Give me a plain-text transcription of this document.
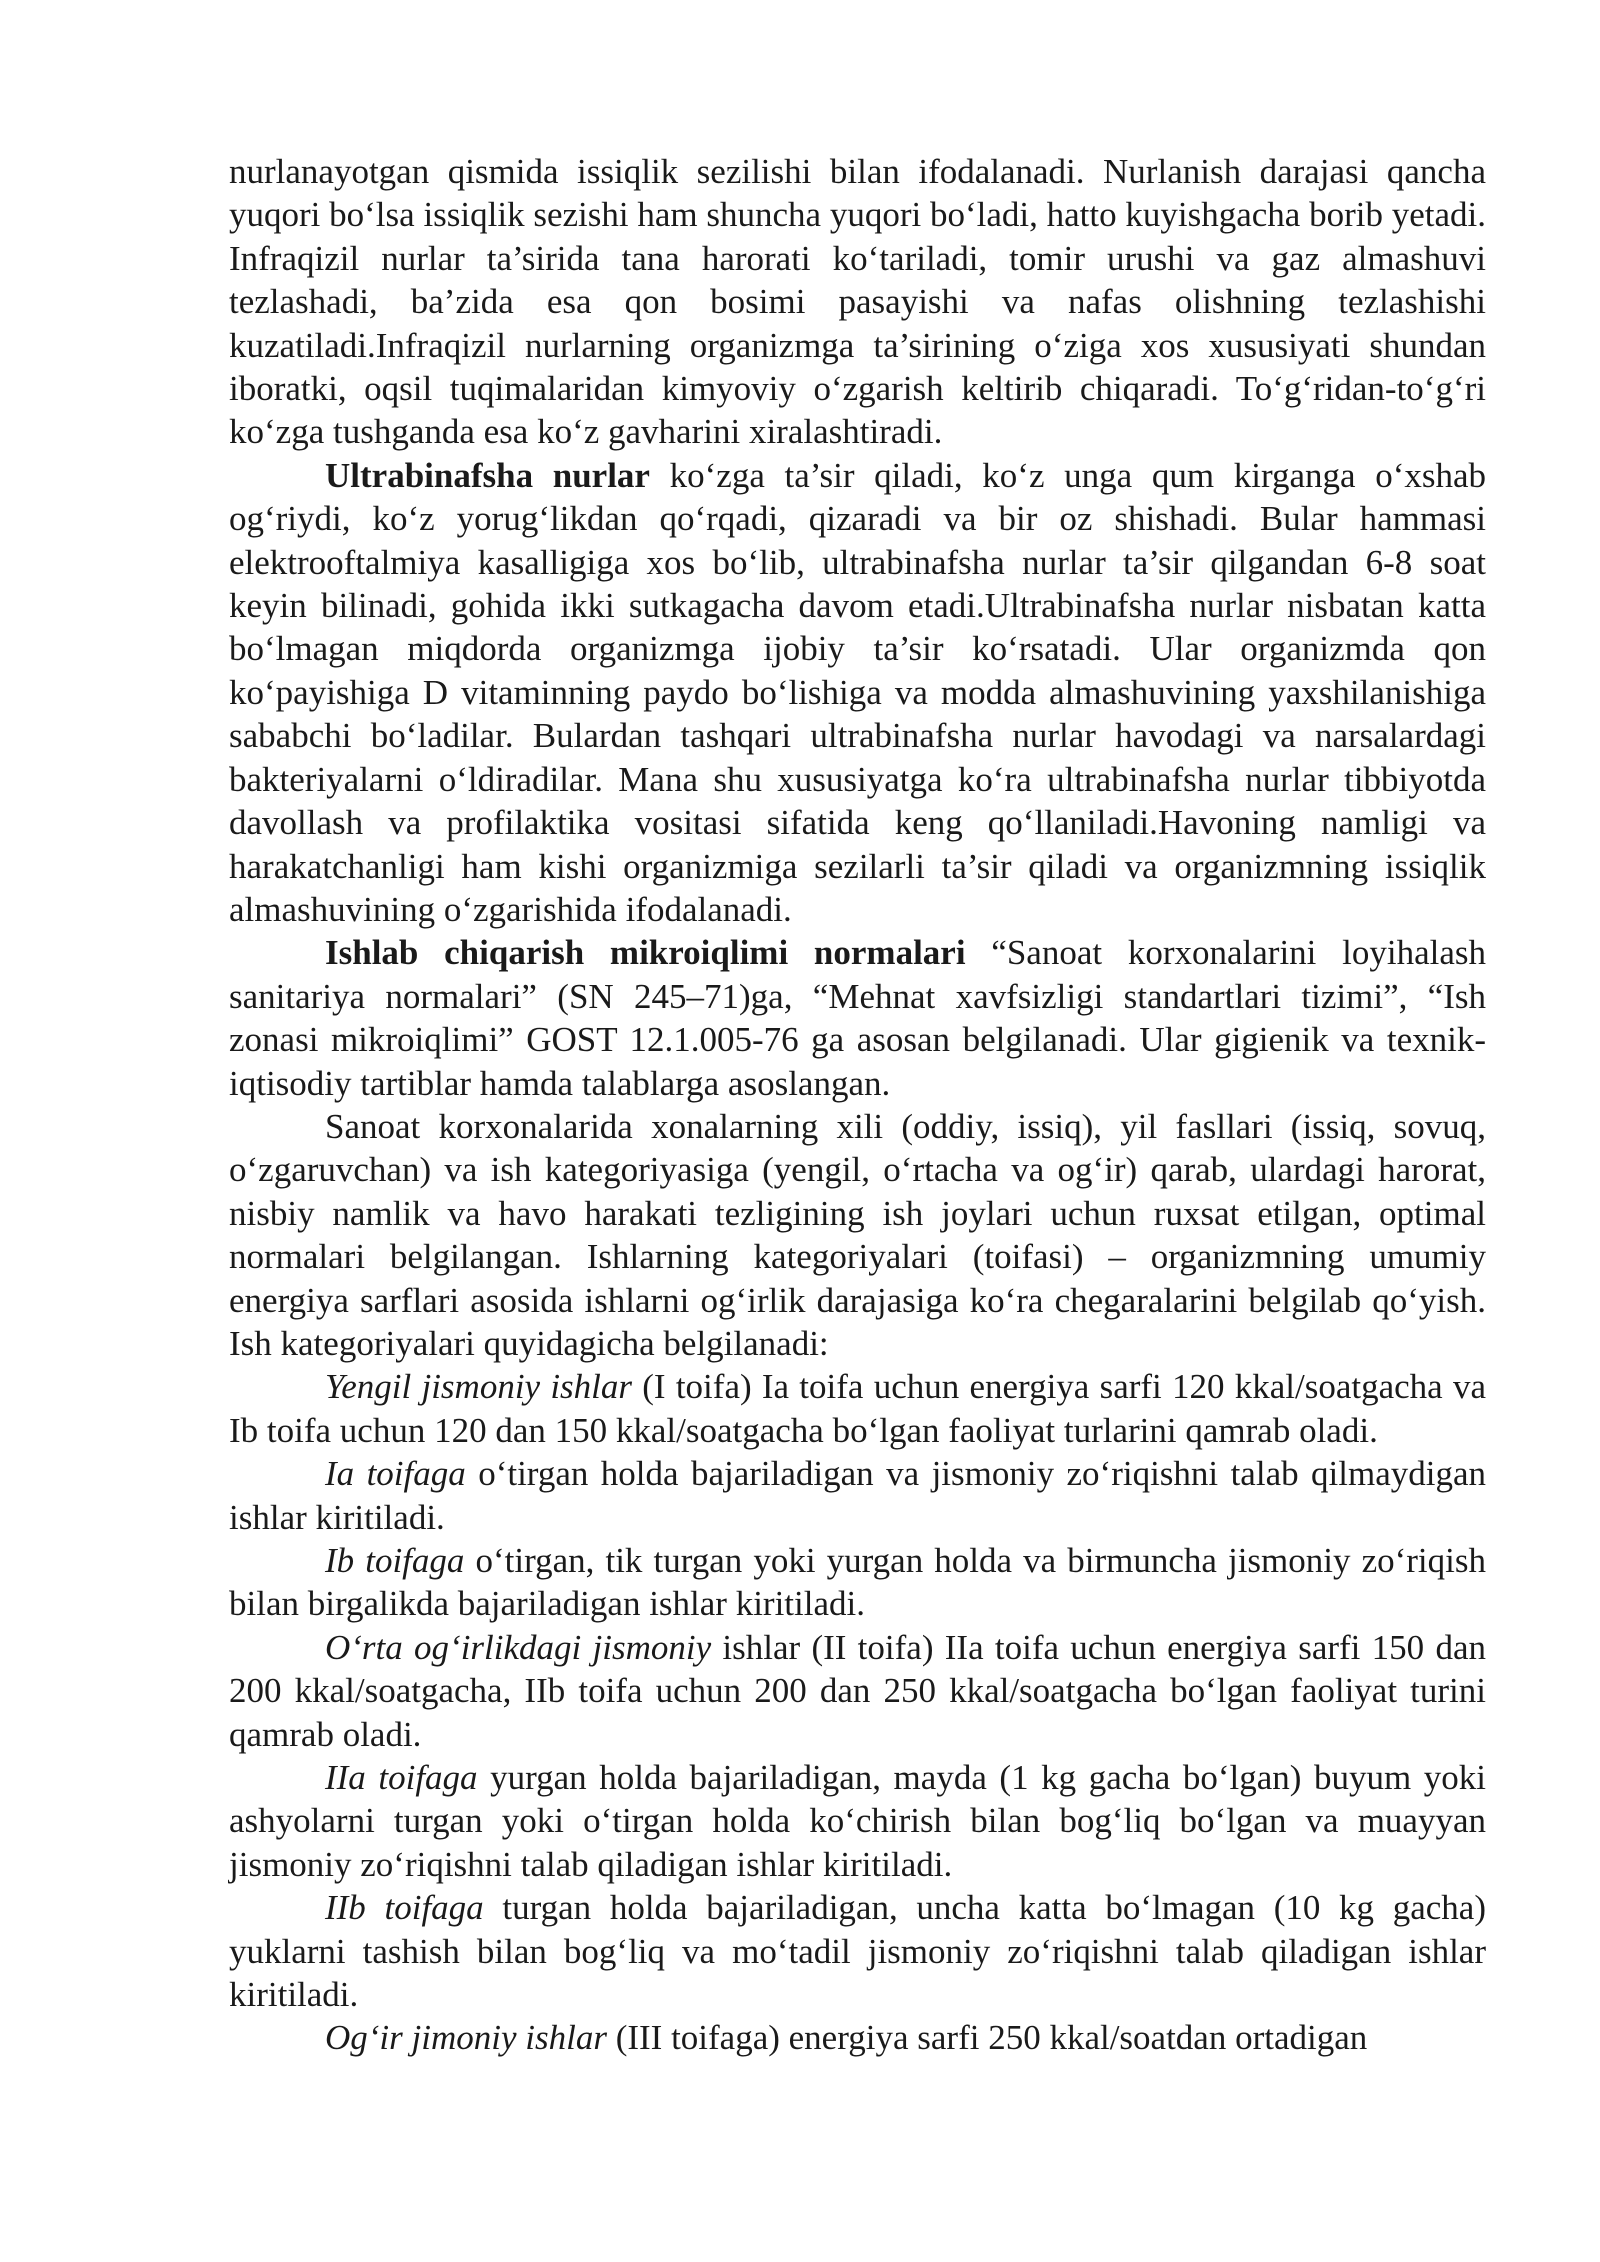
nurlanayotgan qismida issiqlik sezilishi bilan ifodalanadi. Nurlanish darajasi qancha yuqori bo‘lsa issiqlik sezishi ham shuncha yuqori bo‘ladi, hatto kuyishgacha borib yetadi. Infraqizil nurlar ta’sirida tana harorati ko‘tariladi, tomir urushi va gaz almashuvi tezlashadi, ba’zida esa qon bosimi pasayishi va nafas olishning tezlashishi kuzatiladi.Infraqizil nurlarning organizmga ta’sirining o‘ziga xos xususiyati shundan iboratki, oqsil tuqimalaridan kimyoviy o‘zgarish keltirib chiqaradi. To‘g‘ridan-to‘g‘ri ko‘zga tushganda esa ko‘z gavharini xiralashtiradi.

Ultrabinafsha nurlar ko‘zga ta’sir qiladi, ko‘z unga qum kirganga o‘xshab og‘riydi, ko‘z yorug‘likdan qo‘rqadi, qizaradi va bir oz shishadi. Bular hammasi elektrooftalmiya kasalligiga xos bo‘lib, ultrabinafsha nurlar ta’sir qilgandan 6-8 soat keyin bilinadi, gohida ikki sutkagacha davom etadi.Ultrabinafsha nurlar nisbatan katta bo‘lmagan miqdorda organizmga ijobiy ta’sir ko‘rsatadi. Ular organizmda qon ko‘payishiga D vitaminning paydo bo‘lishiga va modda almashuvining yaxshilanishiga sababchi bo‘ladilar. Bulardan tashqari ultrabinafsha nurlar havodagi va narsalardagi bakteriyalarni o‘ldiradilar. Mana shu xususiyatga ko‘ra ultrabinafsha nurlar tibbiyotda davollash va profilaktika vositasi sifatida keng qo‘llaniladi.Havoning namligi va harakatchanligi ham kishi organizmiga sezilarli ta’sir qiladi va organizmning issiqlik almashuvining o‘zgarishida ifodalanadi.

Ishlab chiqarish mikroiqlimi normalari “Sanoat korxonalarini loyihalash sanitariya normalari” (SN 245–71)ga, “Mehnat xavfsizligi standartlari tizimi”, “Ish zonasi mikroiqlimi” GOST 12.1.005-76 ga asosan belgilanadi. Ular gigienik va texnik-iqtisodiy tartiblar hamda talablarga asoslangan.

Sanoat korxonalarida xonalarning xili (oddiy, issiq), yil fasllari (issiq, sovuq, o‘zgaruvchan) va ish kategoriyasiga (yengil, o‘rtacha va og‘ir) qarab, ulardagi harorat, nisbiy namlik va havo harakati tezligining ish joylari uchun ruxsat etilgan, optimal normalari belgilangan. Ishlarning kategoriyalari (toifasi) – organizmning umumiy energiya sarflari asosida ishlarni og‘irlik darajasiga ko‘ra chegaralarini belgilab qo‘yish. Ish kategoriyalari quyidagicha belgilanadi:

Yengil jismoniy ishlar (I toifa) Ia toifa uchun energiya sarfi 120 kkal/soatgacha va Ib toifa uchun 120 dan 150 kkal/soatgacha bo‘lgan faoliyat turlarini qamrab oladi.

Ia toifaga o‘tirgan holda bajariladigan va jismoniy zo‘riqishni talab qilmaydigan ishlar kiritiladi.

Ib toifaga o‘tirgan, tik turgan yoki yurgan holda va birmuncha jismoniy zo‘riqish bilan birgalikda bajariladigan ishlar kiritiladi.

O‘rta og‘irlikdagi jismoniy ishlar (II toifa) IIa toifa uchun energiya sarfi 150 dan 200 kkal/soatgacha, IIb toifa uchun 200 dan 250 kkal/soatgacha bo‘lgan faoliyat turini qamrab oladi.

IIa toifaga yurgan holda bajariladigan, mayda (1 kg gacha bo‘lgan) buyum yoki ashyolarni turgan yoki o‘tirgan holda ko‘chirish bilan bog‘liq bo‘lgan va muayyan jismoniy zo‘riqishni talab qiladigan ishlar kiritiladi.

IIb toifaga turgan holda bajariladigan, uncha katta bo‘lmagan (10 kg gacha) yuklarni tashish bilan bog‘liq va mo‘tadil jismoniy zo‘riqishni talab qiladigan ishlar kiritiladi.

Og‘ir jimoniy ishlar (III toifaga) energiya sarfi 250 kkal/soatdan ortadigan
